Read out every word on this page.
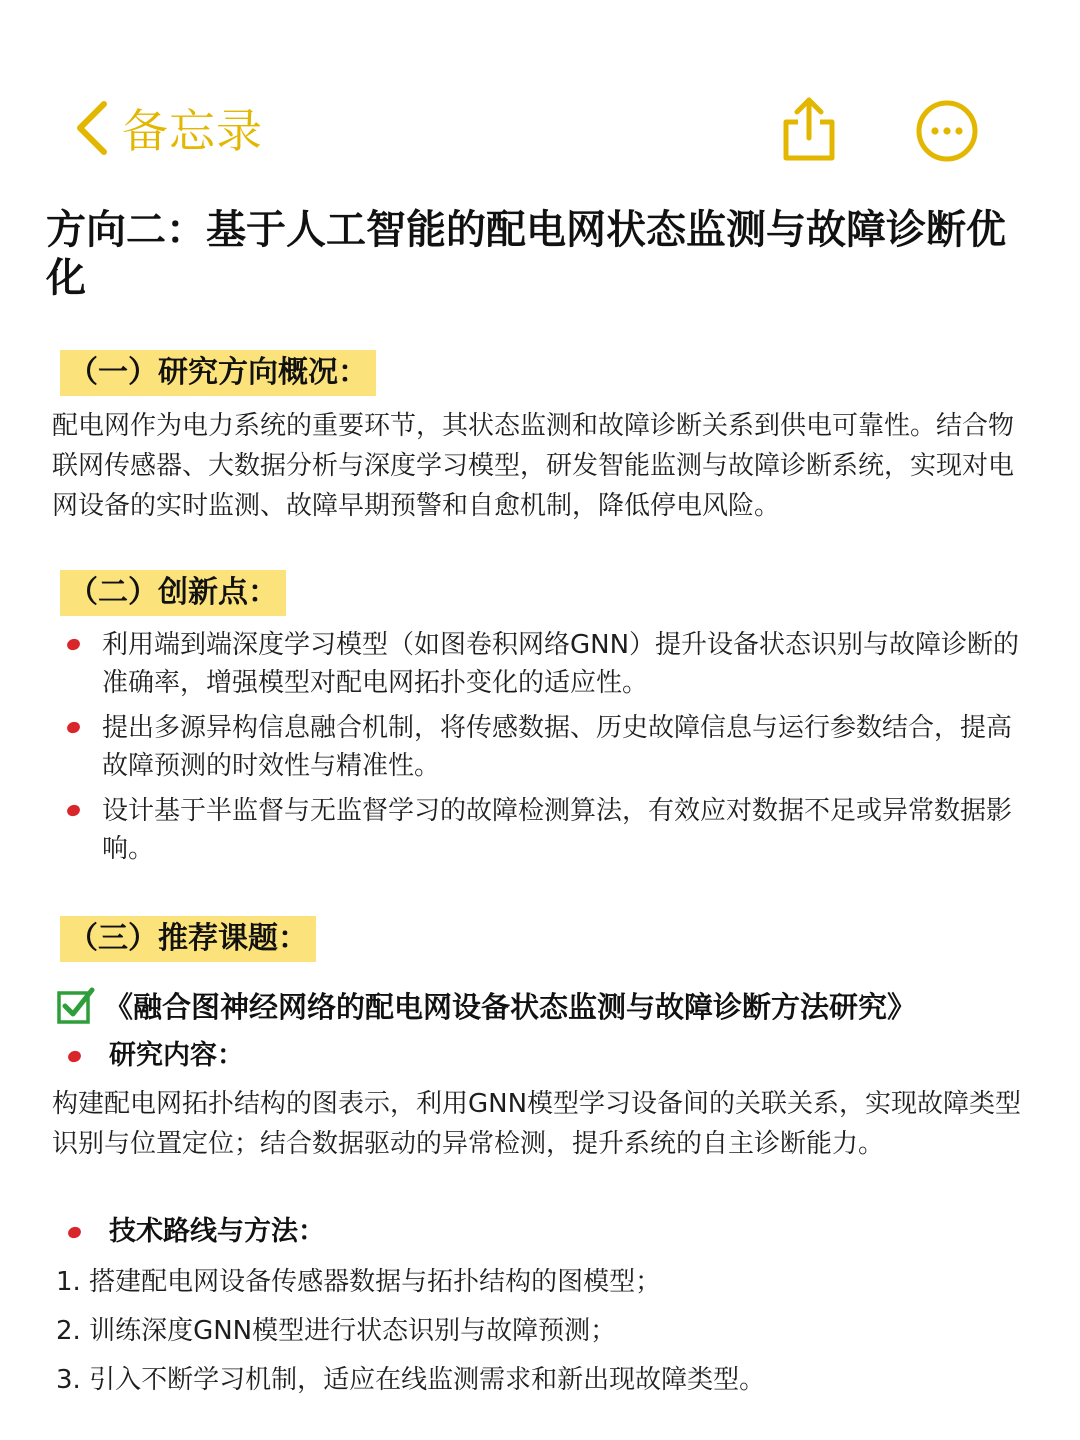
备忘录
方向二：基于人工智能的配电网状态监测与故障诊断优化
（一）研究方向概况：
配电网作为电力系统的重要环节，其状态监测和故障诊断关系到供电可靠性。结合物联网传感器、大数据分析与深度学习模型，研发智能监测与故障诊断系统，实现对电网设备的实时监测、故障早期预警和自愈机制，降低停电风险。
（二）创新点：
利用端到端深度学习模型（如图卷积网络GNN）提升设备状态识别与故障诊断的准确率，增强模型对配电网拓扑变化的适应性。
提出多源异构信息融合机制，将传感数据、历史故障信息与运行参数结合，提高故障预测的时效性与精准性。
设计基于半监督与无监督学习的故障检测算法，有效应对数据不足或异常数据影响。
（三）推荐课题：
《融合图神经网络的配电网设备状态监测与故障诊断方法研究》
研究内容：
构建配电网拓扑结构的图表示，利用GNN模型学习设备间的关联关系，实现故障类型识别与位置定位；结合数据驱动的异常检测，提升系统的自主诊断能力。
技术路线与方法：
1. 搭建配电网设备传感器数据与拓扑结构的图模型；
2. 训练深度GNN模型进行状态识别与故障预测；
3. 引入不断学习机制，适应在线监测需求和新出现故障类型。
